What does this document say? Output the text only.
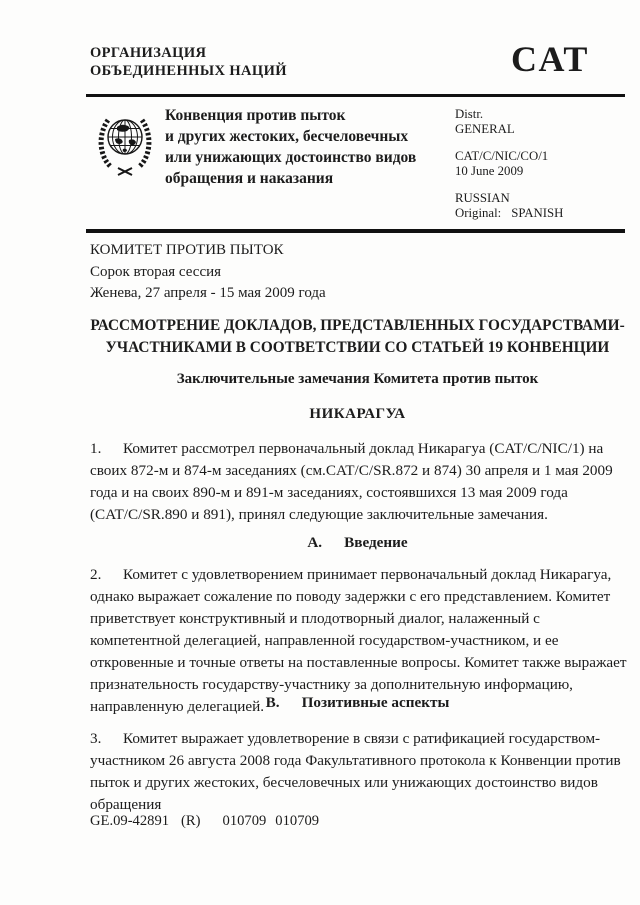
ОРГАНИЗАЦИЯ
ОБЪЕДИНЕННЫХ НАЦИЙ	CAT
Конвенция против пыток
и других жестоких, бесчеловечных
или унижающих достоинство видов
обращения и наказания
Distr.
GENERAL
CAT/C/NIC/CO/1
10 June 2009
RUSSIAN
Original: SPANISH
КОМИТЕТ ПРОТИВ ПЫТОК
Сорок вторая сессия
Женева, 27 апреля - 15 мая 2009 года
РАССМОТРЕНИЕ ДОКЛАДОВ, ПРЕДСТАВЛЕННЫХ ГОСУДАРСТВАМИ-
УЧАСТНИКАМИ В СООТВЕТСТВИИ СО СТАТЬЕЙ 19 КОНВЕНЦИИ
Заключительные замечания Комитета против пыток
НИКАРАГУА
1. Комитет рассмотрел первоначальный доклад Никарагуа (CAT/C/NIC/1) на своих 872-м и 874-м заседаниях (см.CAT/C/SR.872 и 874) 30 апреля и 1 мая 2009 года и на своих 890-м и 891-м заседаниях, состоявшихся 13 мая 2009 года (CAT/C/SR.890 и 891), принял следующие заключительные замечания.
A. Введение
2. Комитет с удовлетворением принимает первоначальный доклад Никарагуа, однако выражает сожаление по поводу задержки с его представлением. Комитет приветствует конструктивный и плодотворный диалог, налаженный с компетентной делегацией, направленной государством-участником, и ее откровенные и точные ответы на поставленные вопросы. Комитет также выражает признательность государству-участнику за дополнительную информацию, направленную делегацией. B. Позитивные аспекты
3. Комитет выражает удовлетворение в связи с ратификацией государством-участником 26 августа 2008 года Факультативного протокола к Конвенции против пыток и других жестоких, бесчеловечных или унижающих достоинство видов обращения
GE.09-42891 (R) 010709 010709
